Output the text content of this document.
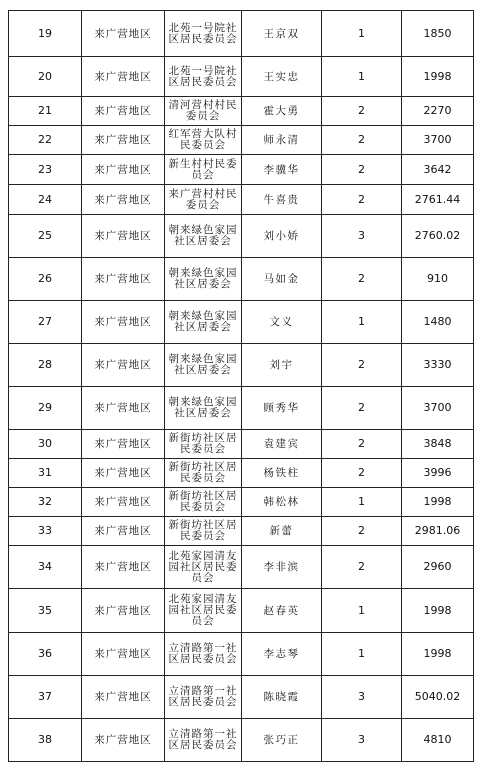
19	来广营地区	北苑一号院社区居民委员会	王京双	1	1850
20	来广营地区	北苑一号院社区居民委员会	王实忠	1	1998
21	来广营地区	清河营村村民委员会	霍大勇	2	2270
22	来广营地区	红军营大队村民委员会	师永清	2	3700
23	来广营地区	新生村村民委员会	李骥华	2	3642
24	来广营地区	来广营村村民委员会	牛喜贵	2	2761.44
25	来广营地区	朝来绿色家园社区居委会	刘小娇	3	2760.02
26	来广营地区	朝来绿色家园社区居委会	马如金	2	910
27	来广营地区	朝来绿色家园社区居委会	文义	1	1480
28	来广营地区	朝来绿色家园社区居委会	刘宇	2	3330
29	来广营地区	朝来绿色家园社区居委会	顾秀华	2	3700
30	来广营地区	新街坊社区居民委员会	袁建宾	2	3848
31	来广营地区	新街坊社区居民委员会	杨铁柱	2	3996
32	来广营地区	新街坊社区居民委员会	韩松林	1	1998
33	来广营地区	新街坊社区居民委员会	新蕾	2	2981.06
34	来广营地区	北苑家园清友园社区居民委员会	李非滨	2	2960
35	来广营地区	北苑家园清友园社区居民委员会	赵春英	1	1998
36	来广营地区	立清路第一社区居民委员会	李志琴	1	1998
37	来广营地区	立清路第一社区居民委员会	陈晓霞	3	5040.02
38	来广营地区	立清路第一社区居民委员会	张巧正	3	4810
